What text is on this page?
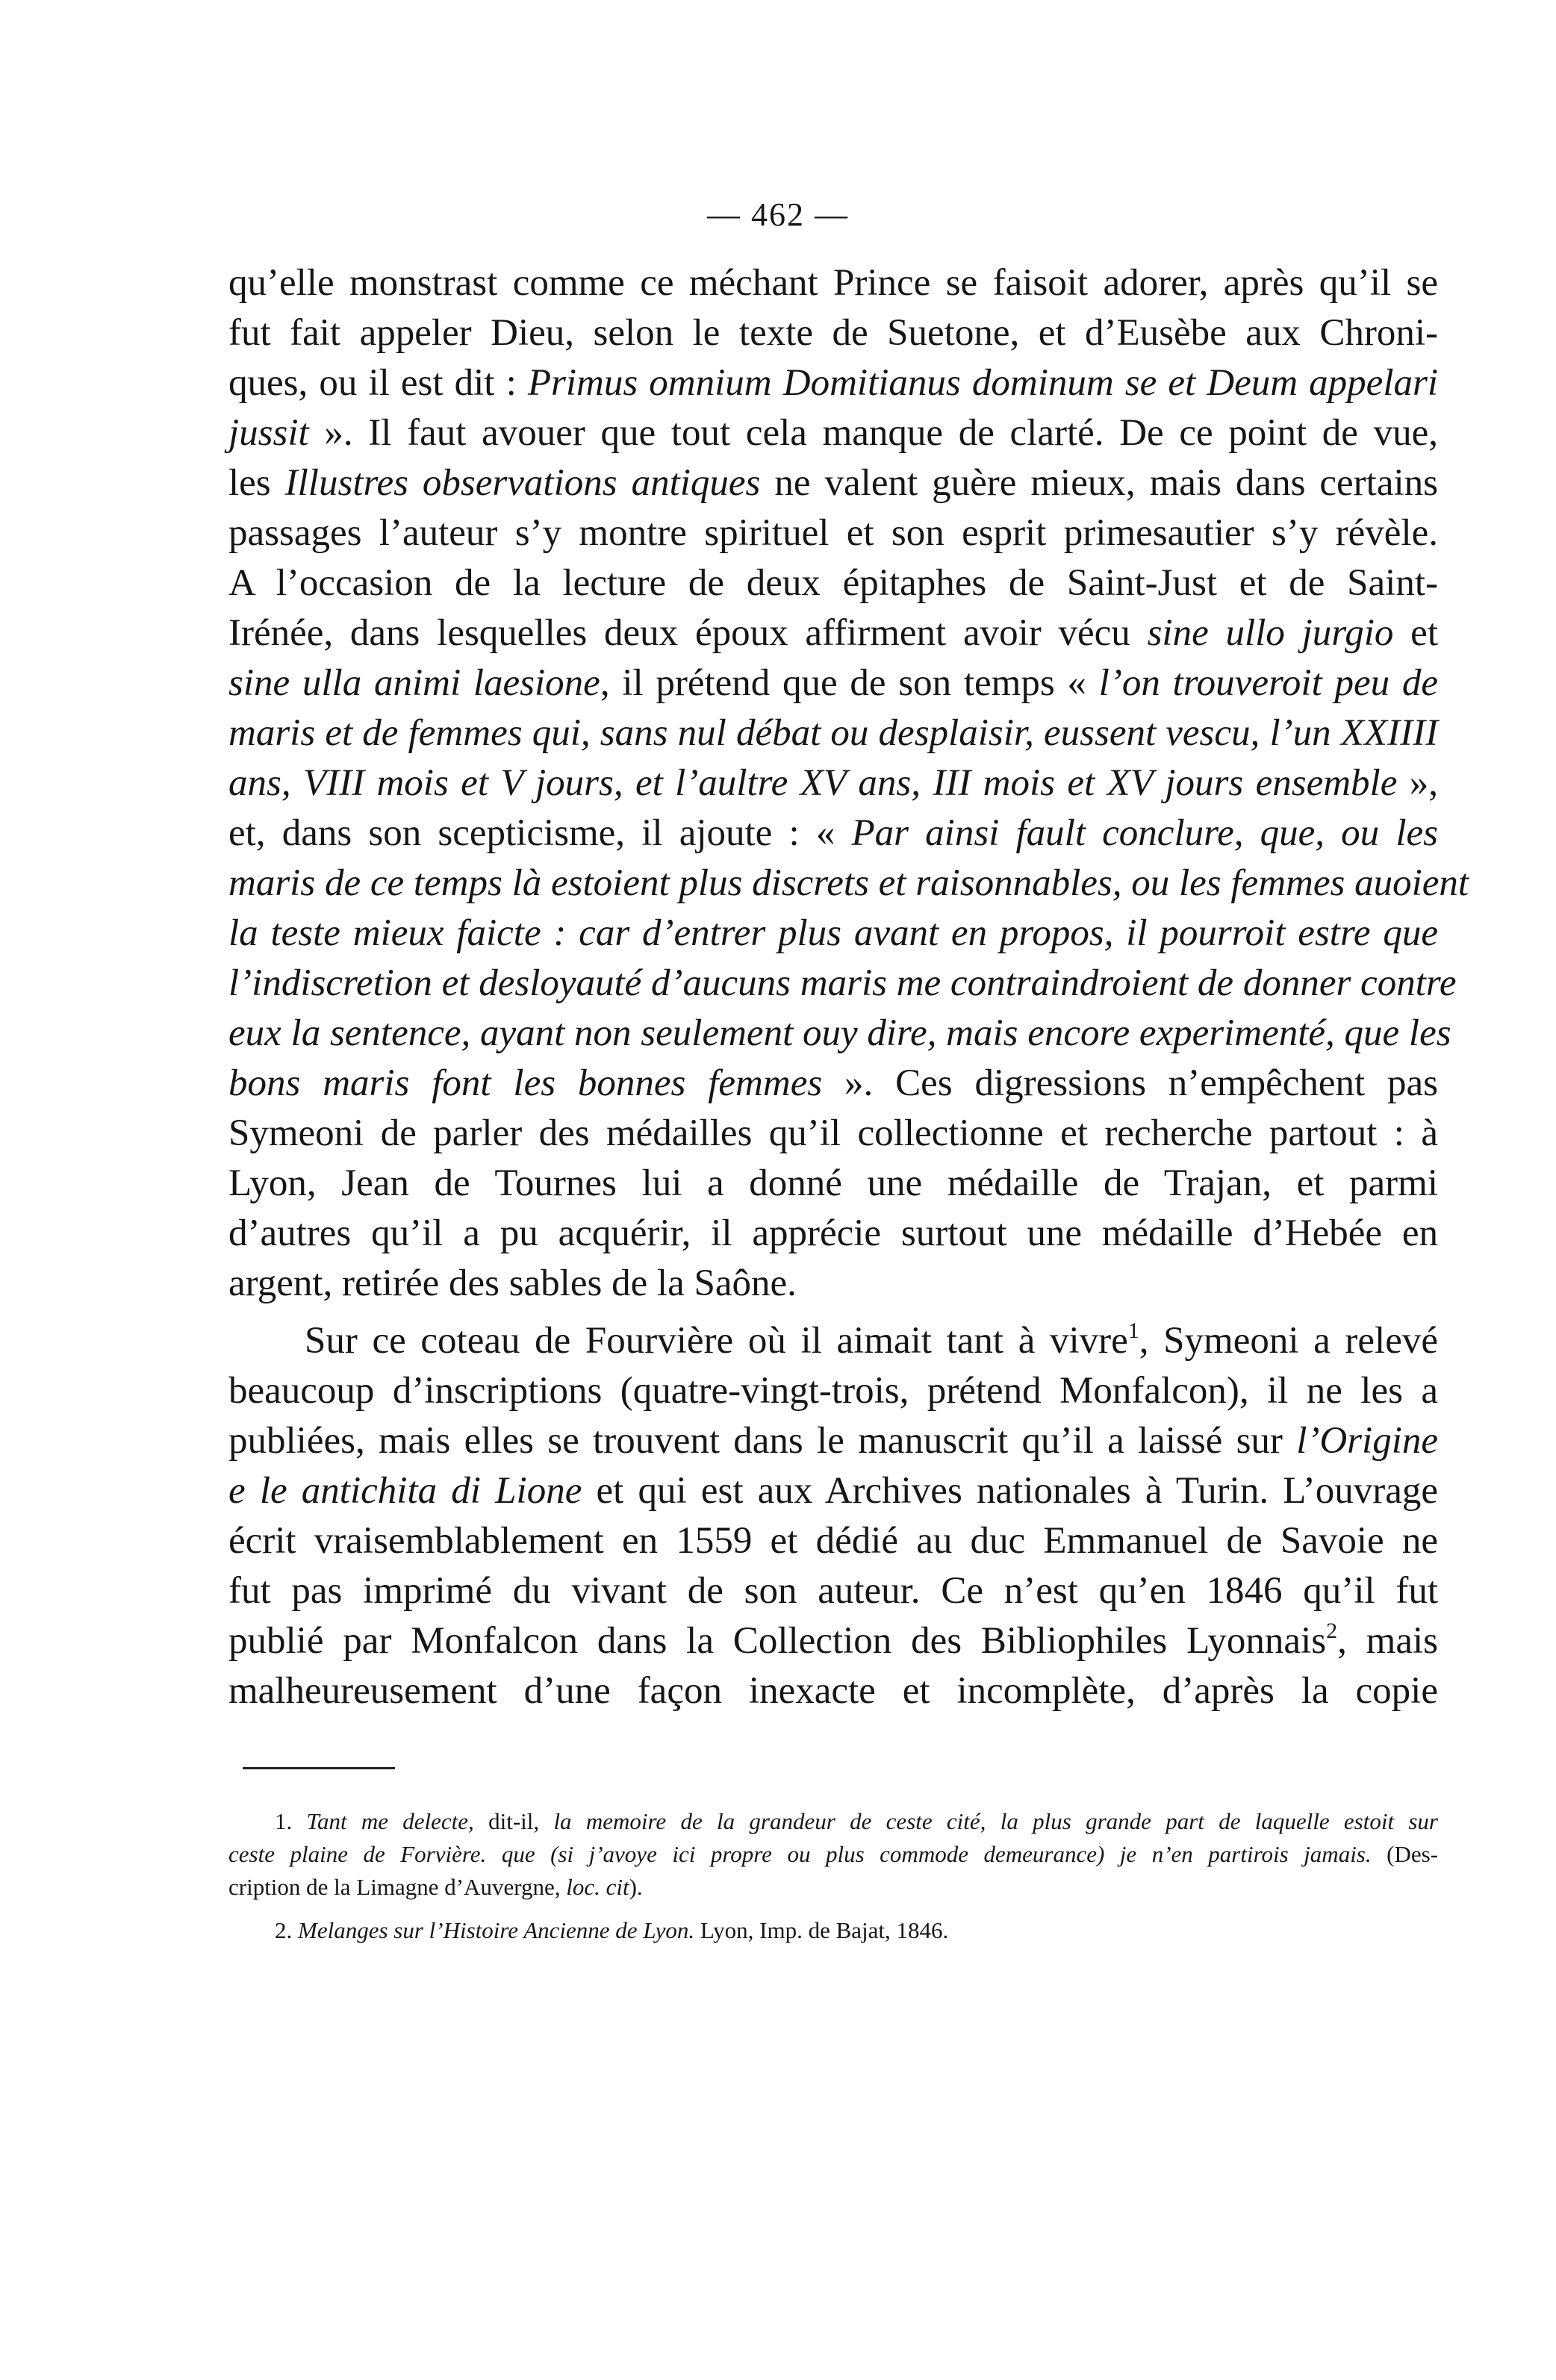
— 462 —
qu’elle monstrast comme ce méchant Prince se faisoit adorer, après qu’il se
fut fait appeler Dieu, selon le texte de Suetone, et d’Eusèbe aux Chroni-
ques, ou il est dit : Primus omnium Domitianus dominum se et Deum appelari
jussit ». Il faut avouer que tout cela manque de clarté. De ce point de vue,
les Illustres observations antiques ne valent guère mieux, mais dans certains
passages l’auteur s’y montre spirituel et son esprit primesautier s’y révèle.
A l’occasion de la lecture de deux épitaphes de Saint-Just et de Saint-
Irénée, dans lesquelles deux époux affirment avoir vécu sine ullo jurgio et
sine ulla animi laesione, il prétend que de son temps « l’on trouveroit peu de
maris et de femmes qui, sans nul débat ou desplaisir, eussent vescu, l’un XXIIII
ans, VIII mois et V jours, et l’aultre XV ans, III mois et XV jours ensemble »,
et, dans son scepticisme, il ajoute : « Par ainsi fault conclure, que, ou les
maris de ce temps là estoient plus discrets et raisonnables, ou les femmes auoient
la teste mieux faicte : car d’entrer plus avant en propos, il pourroit estre que
l’indiscretion et desloyauté d’aucuns maris me contraindroient de donner contre
eux la sentence, ayant non seulement ouy dire, mais encore experimenté, que les
bons maris font les bonnes femmes ». Ces digressions n’empêchent pas
Symeoni de parler des médailles qu’il collectionne et recherche partout : à
Lyon, Jean de Tournes lui a donné une médaille de Trajan, et parmi
d’autres qu’il a pu acquérir, il apprécie surtout une médaille d’Hebée en
argent, retirée des sables de la Saône.
Sur ce coteau de Fourvière où il aimait tant à vivre$^1$, Symeoni a relevé
beaucoup d’inscriptions (quatre-vingt-trois, prétend Monfalcon), il ne les a
publiées, mais elles se trouvent dans le manuscrit qu’il a laissé sur l’Origine
e le antichita di Lione et qui est aux Archives nationales à Turin. L’ouvrage
écrit vraisemblablement en 1559 et dédié au duc Emmanuel de Savoie ne
fut pas imprimé du vivant de son auteur. Ce n’est qu’en 1846 qu’il fut
publié par Monfalcon dans la Collection des Bibliophiles Lyonnais$^2$, mais
malheureusement d’une façon inexacte et incomplète, d’après la copie
1. Tant me delecte, dit-il, la memoire de la grandeur de ceste cité, la plus grande part de laquelle estoit sur
ceste plaine de Forvière. que (si j’avoye ici propre ou plus commode demeurance) je n’en partirois jamais. (Des-
cription de la Limagne d’Auvergne, loc. cit).
2. Melanges sur l’Histoire Ancienne de Lyon. Lyon, Imp. de Bajat, 1846.
